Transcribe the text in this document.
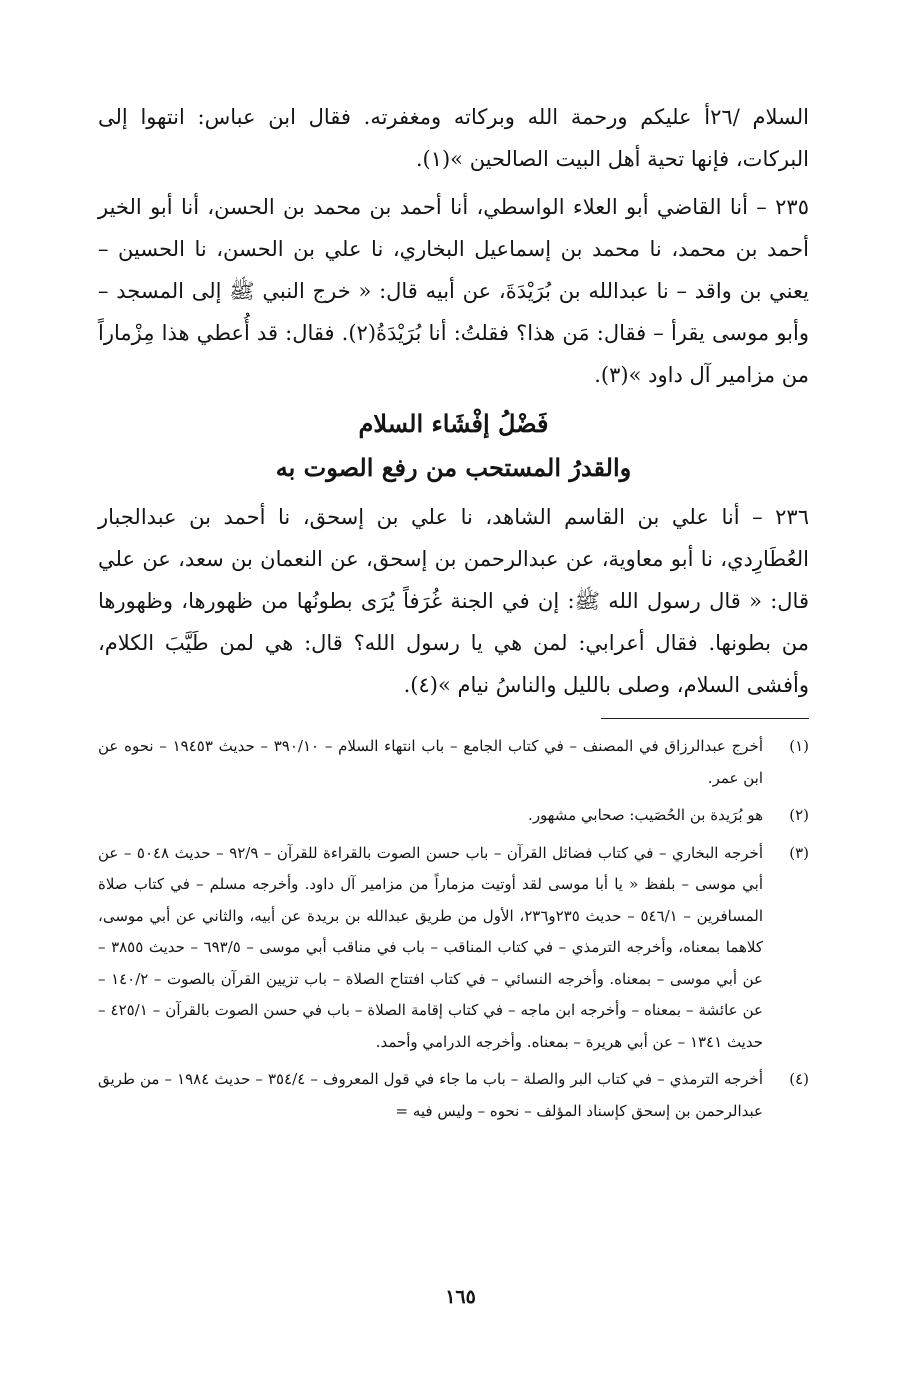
السلام /٢٦أ عليكم ورحمة الله وبركاته ومغفرته. فقال ابن عباس: انتهوا إلى البركات، فإنها تحية أهل البيت الصالحين »(١).

٢٣٥ – أنا القاضي أبو العلاء الواسطي، أنا أحمد بن محمد بن الحسن، أنا أبو الخير أحمد بن محمد، نا محمد بن إسماعيل البخاري، نا علي بن الحسن، نا الحسين – يعني بن واقد – نا عبدالله بن بُرَيْدَةَ، عن أبيه قال: « خرج النبي ﷺ إلى المسجد – وأبو موسى يقرأ – فقال: مَن هذا؟ فقلتُ: أنا بُرَيْدَةُ(٢). فقال: قد أُعطي هذا مِزْماراً من مزامير آل داود »(٣).

فَضْلُ إفْشَاء السلام
والقدرُ المستحب من رفع الصوت به

٢٣٦ – أنا علي بن القاسم الشاهد، نا علي بن إسحق، نا أحمد بن عبدالجبار العُطَارِدي، نا أبو معاوية، عن عبدالرحمن بن إسحق، عن النعمان بن سعد، عن علي قال: « قال رسول الله ﷺ: إن في الجنة غُرَفاً يُرَى بطونُها من ظهورها، وظهورها من بطونها. فقال أعرابي: لمن هي يا رسول الله؟ قال: هي لمن طَيَّبَ الكلام، وأفشى السلام، وصلى بالليل والناسُ نيام »(٤).

(١)
أخرج عبدالرزاق في المصنف – في كتاب الجامع – باب انتهاء السلام – ٣٩٠/١٠ – حديث ١٩٤٥٣ – نحوه عن ابن عمر.
(٢)
هو بُرَيدة بن الحُصَيب: صحابي مشهور.
(٣)
أخرجه البخاري – في كتاب فضائل القرآن – باب حسن الصوت بالقراءة للقرآن – ٩٢/٩ – حديث ٥٠٤٨ – عن أبي موسى – بلفظ « يا أبا موسى لقد أوتيت مزماراً من مزامير آل داود. وأخرجه مسلم – في كتاب صلاة المسافرين – ٥٤٦/١ – حديث ٢٣٥و٢٣٦، الأول من طريق عبدالله بن بريدة عن أبيه، والثاني عن أبي موسى، كلاهما بمعناه، وأخرجه الترمذي – في كتاب المناقب – باب في مناقب أبي موسى – ٦٩٣/٥ – حديث ٣٨٥٥ – عن أبي موسى – بمعناه. وأخرجه النسائي – في كتاب افتتاح الصلاة – باب تزيين القرآن بالصوت – ١٤٠/٢ – عن عائشة – بمعناه – وأخرجه ابن ماجه – في كتاب إقامة الصلاة – باب في حسن الصوت بالقرآن – ٤٢٥/١ – حديث ١٣٤١ – عن أبي هريرة – بمعناه. وأخرجه الدرامي وأحمد.
(٤)
أخرجه الترمذي – في كتاب البر والصلة – باب ما جاء في قول المعروف – ٣٥٤/٤ – حديث ١٩٨٤ – من طريق عبدالرحمن بن إسحق كإسناد المؤلف – نحوه – وليس فيه =
١٦٥
